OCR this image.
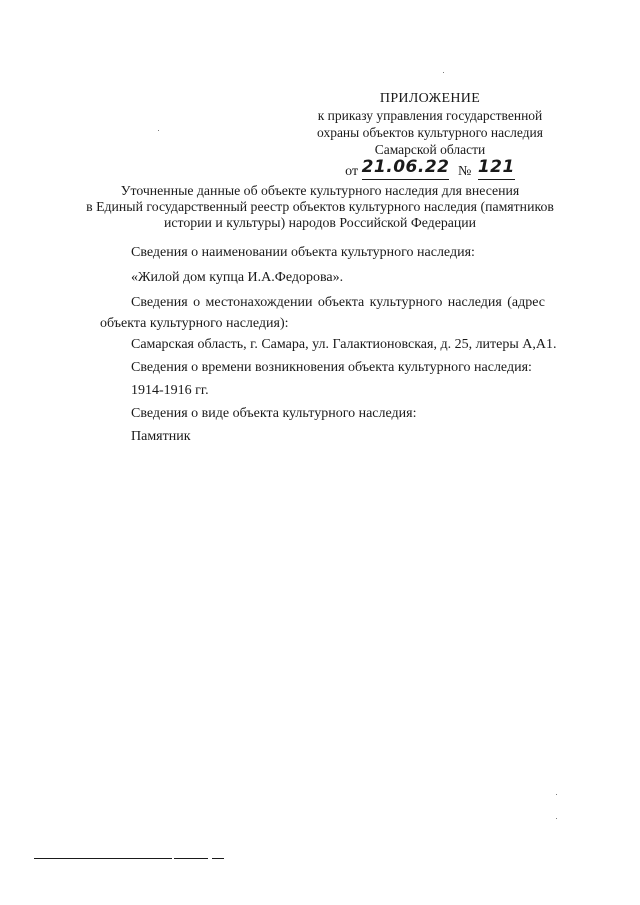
ПРИЛОЖЕНИЕ
к приказу управления государственной
охраны объектов культурного наследия
Самарской области
от 21.06.22 № 121
Уточненные данные об объекте культурного наследия для внесения
в Единый государственный реестр объектов культурного наследия (памятников
истории и культуры) народов Российской Федерации
Сведения о наименовании объекта культурного наследия:
«Жилой дом купца И.А.Федорова».
Сведения о местонахождении объекта культурного наследия (адрес
объекта культурного наследия):
Самарская область, г. Самара, ул. Галактионовская, д. 25, литеры А,А1.
Сведения о времени возникновения объекта культурного наследия:
1914-1916 гг.
Сведения о виде объекта культурного наследия:
Памятник
